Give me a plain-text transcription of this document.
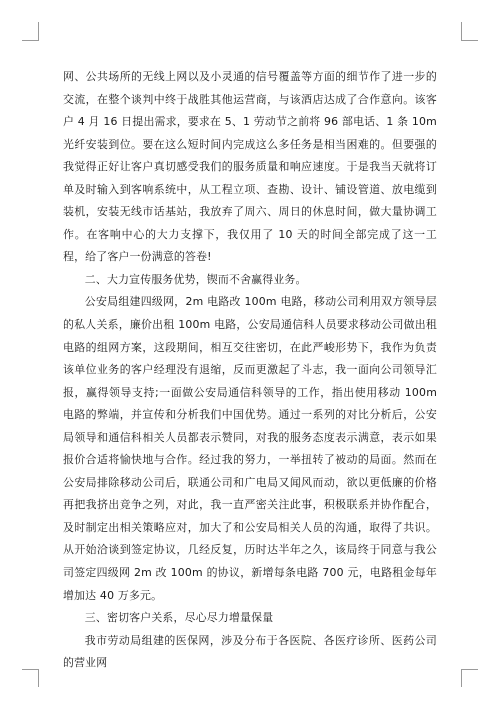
网、公共场所的无线上网以及小灵通的信号覆盖等方面的细节作了进一步的交流，在整个谈判中终于战胜其他运营商，与该酒店达成了合作意向。该客户 4 月 16 日提出需求，要求在 5、1 劳动节之前将 96 部电话、1 条 10m 光纤安装到位。要在这么短时间内完成这么多任务是相当困难的。但要强的我觉得正好让客户真切感受我们的服务质量和响应速度。于是我当天就将订单及时输入到客响系统中，从工程立项、查勘、设计、铺设管道、放电缆到装机，安装无线市话基站，我放弃了周六、周日的休息时间，做大量协调工作。在客响中心的大力支撑下，我仅用了 10 天的时间全部完成了这一工程，给了客户一份满意的答卷!

二、大力宣传服务优势，锲而不舍赢得业务。

公安局组建四级网，2m 电路改 100m 电路，移动公司利用双方领导层的私人关系，廉价出租 100m 电路，公安局通信科人员要求移动公司做出租电路的组网方案，这段期间，相互交往密切，在此严峻形势下，我作为负责该单位业务的客户经理没有退缩，反而更激起了斗志，我一面向公司领导汇报，赢得领导支持;一面做公安局通信科领导的工作，指出使用移动 100m 电路的弊端，并宣传和分析我们中国优势。通过一系列的对比分析后，公安局领导和通信科相关人员都表示赞同，对我的服务态度表示满意，表示如果报价合适将愉快地与合作。经过我的努力，一举扭转了被动的局面。然而在公安局排除移动公司后，联通公司和广电局又闻风而动，欲以更低廉的价格再把我挤出竞争之列，对此，我一直严密关注此事，积极联系并协作配合，及时制定出相关策略应对，加大了和公安局相关人员的沟通，取得了共识。从开始洽谈到签定协议，几经反复，历时达半年之久，该局终于同意与我公司签定四级网 2m 改 100m 的协议，新增每条电路 700 元，电路租金每年增加达 40 万多元。

三、密切客户关系，尽心尽力增量保量

我市劳动局组建的医保网，涉及分布于各医院、各医疗诊所、医药公司的营业网
